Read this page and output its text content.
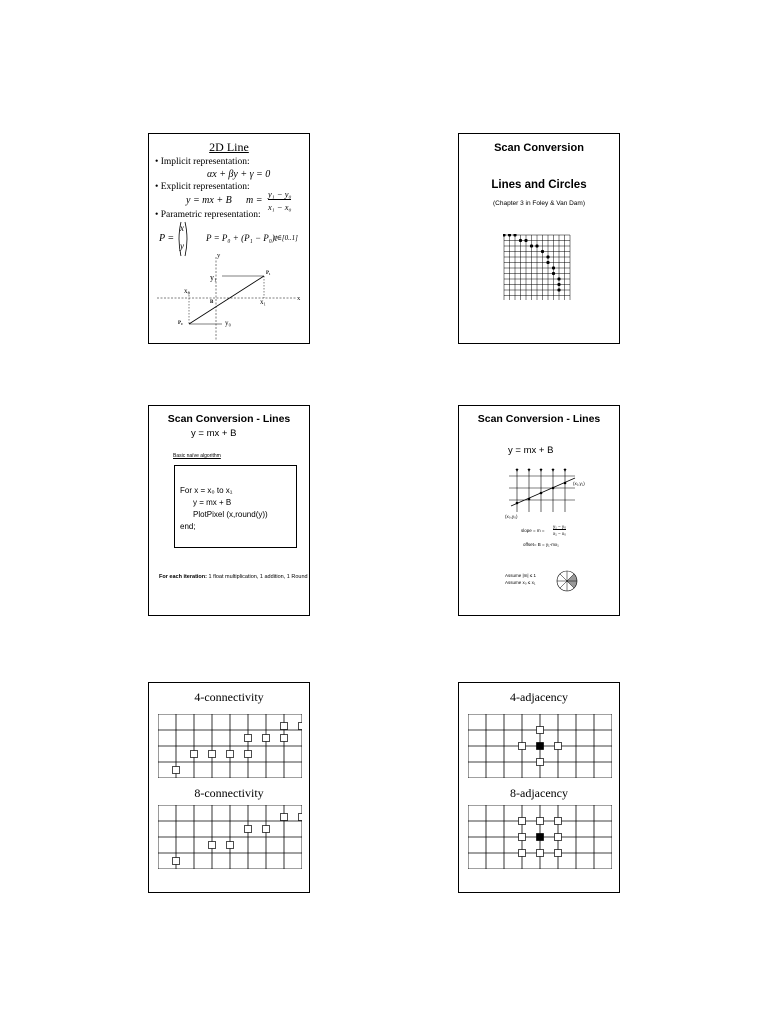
2D Line
• Implicit representation:
αx + βy + γ = 0
• Explicit representation:
y = mx + B m =
y₁ − y₀
x₁ − x₀
• Parametric representation:
P =
x
y
P = P₀ + (P₁ − P₀)t
t ∈[0..1]
y
x
y₁
x₀
B	x₁
P₁
P₀	y₀
Scan Conversion
Lines and Circles
(Chapter 3 in Foley & Van Dam)
Scan Conversion - Lines
y = mx + B
Basic naïve algorithm
For x = x₀ to x₁
y = mx + B
PlotPixel (x,round(y))
end;
For each iteration: 1 float multiplication, 1 addition, 1 Round
Scan Conversion - Lines
y = mx + B
(x₁,y₁)
(x₀,y₀)
slope = m =
y₁ − y₀
x₁ − x₀
offset= B = y₁-mx₁
Assume |m| ≤ 1
Assume x₀ ≤ x₁
4-connectivity
8-connectivity
4-adjacency
8-adjacency
